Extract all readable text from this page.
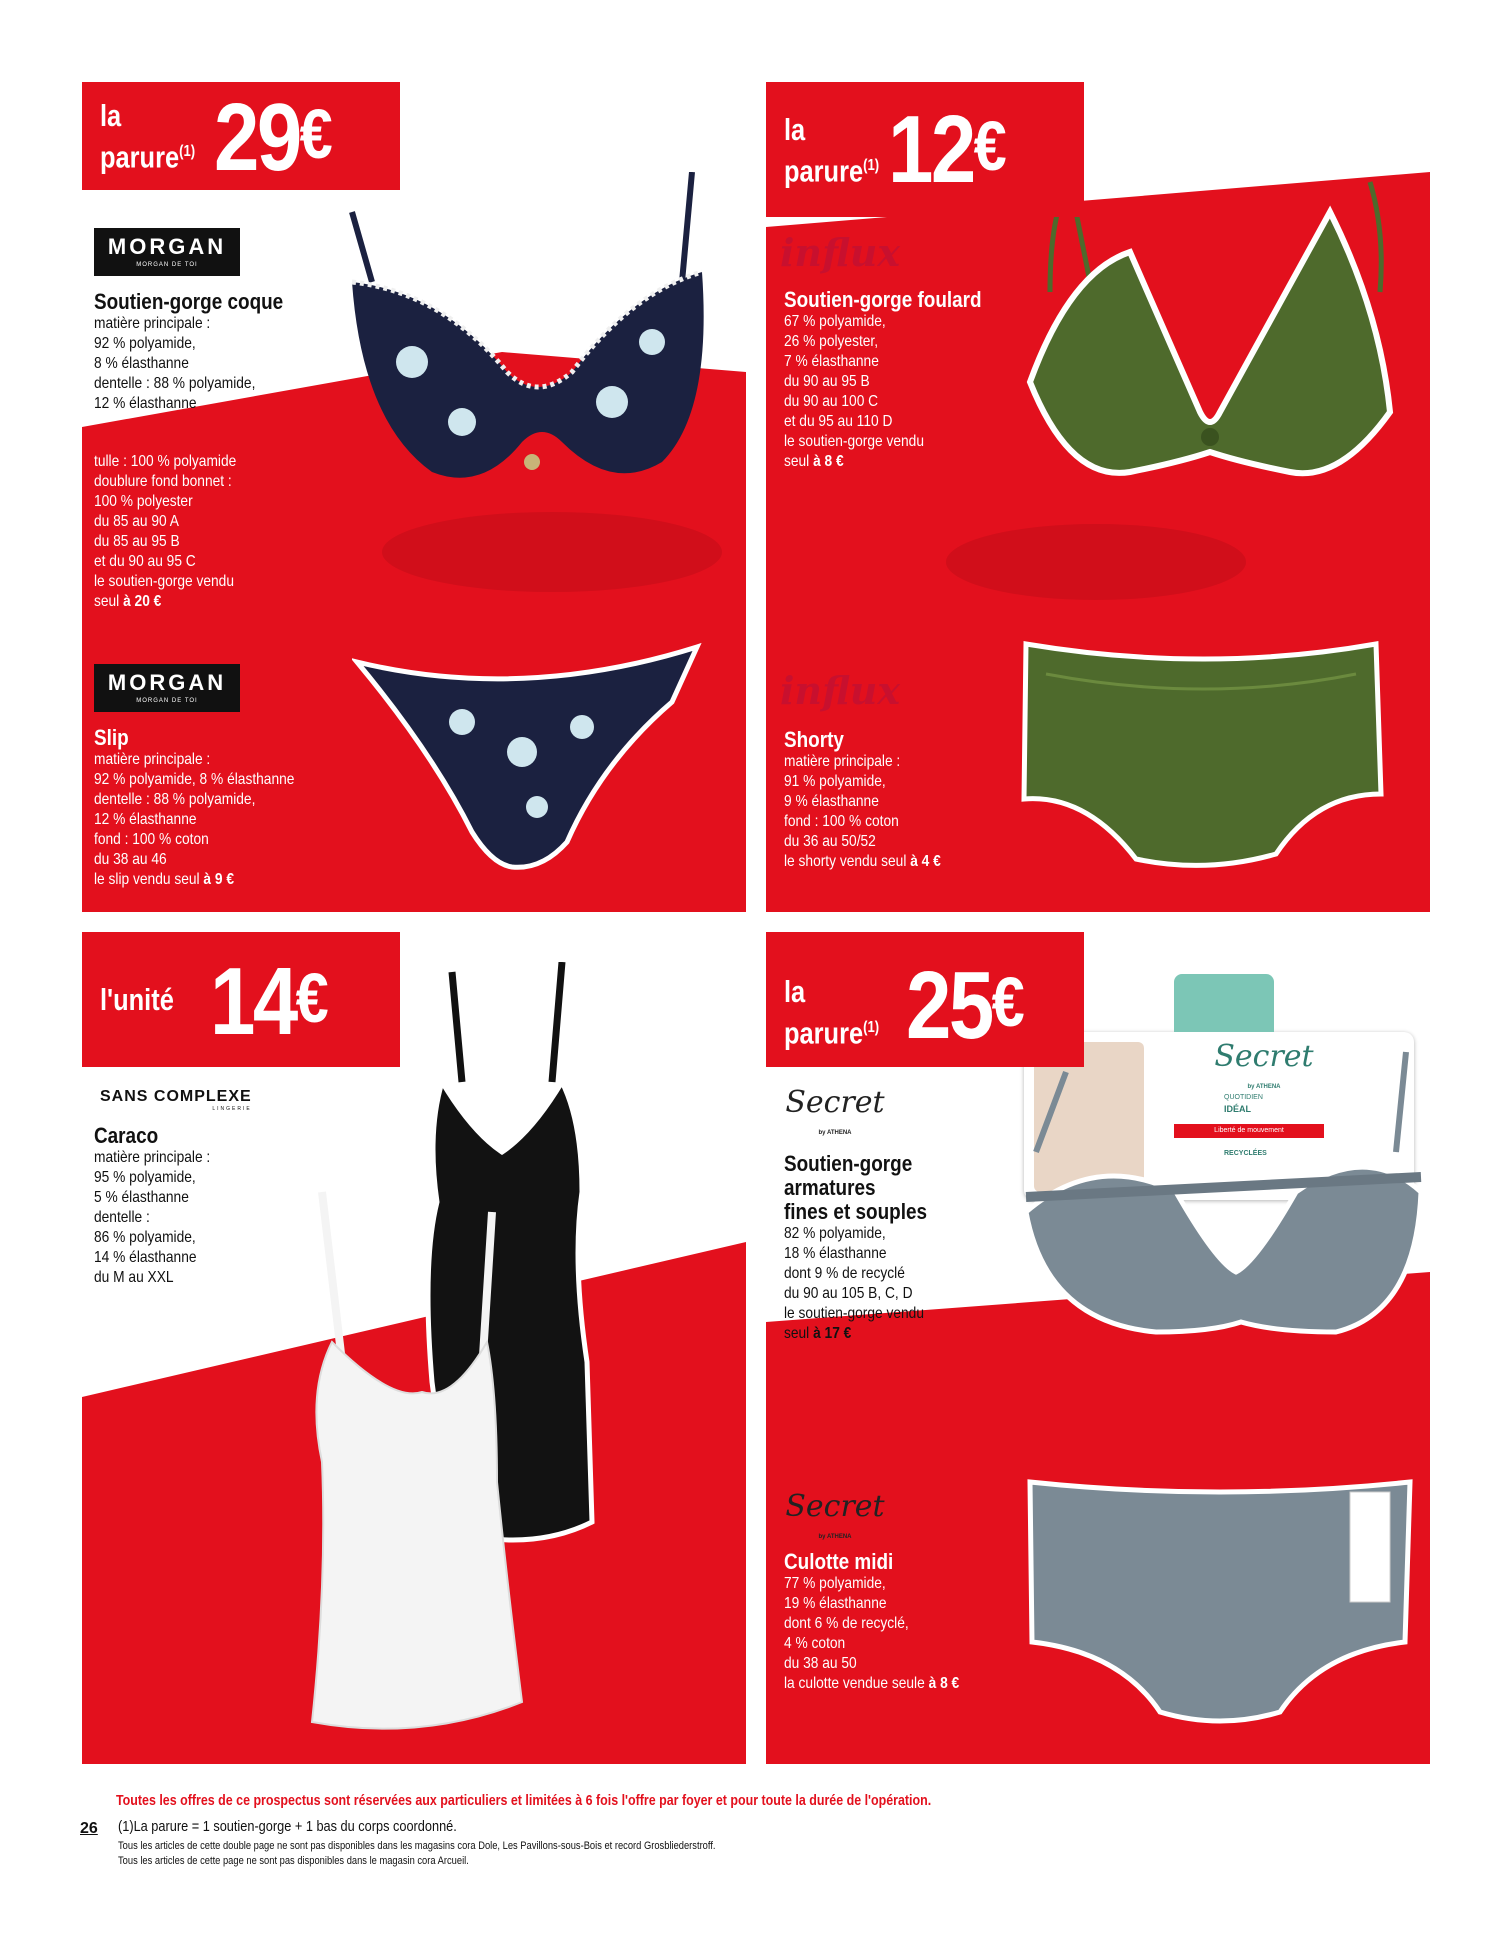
la
parure$^{(1)}$ 29€
MORGAN
MORGAN DE TOI
Soutien-gorge coque
matière principale :
92 % polyamide,
8 % élasthanne
dentelle : 88 % polyamide,
12 % élasthanne
tulle : 100 % polyamide
doublure fond bonnet :
100 % polyester
du 85 au 90 A
du 85 au 95 B
et du 90 au 95 C
le soutien-gorge vendu
seul à 20 €
MORGAN
MORGAN DE TOI
Slip
matière principale :
92 % polyamide, 8 % élasthanne
dentelle : 88 % polyamide,
12 % élasthanne
fond : 100 % coton
du 38 au 46
le slip vendu seul à 9 €
la
parure$^{(1)}$ 12€
influx
Soutien-gorge foulard
67 % polyamide,
26 % polyester,
7 % élasthanne
du 90 au 95 B
du 90 au 100 C
et du 95 au 110 D
le soutien-gorge vendu
seul à 8 €
influx
Shorty
matière principale :
91 % polyamide,
9 % élasthanne
fond : 100 % coton
du 36 au 50/52
le shorty vendu seul à 4 €
l'unité 14€
SANS COMPLEXE
LINGERIE
Caraco
matière principale :
95 % polyamide,
5 % élasthanne
dentelle :
86 % polyamide,
14 % élasthanne
du M au XXL
la
parure$^{(1)}$ 25€
Secret
by ATHENA
Soutien-gorge
armatures
fines et souples
82 % polyamide,
18 % élasthanne
dont 9 % de recyclé
du 90 au 105 B, C, D
le soutien-gorge vendu
seul à 17 €
Secret
by ATHENA
QUOTIDIEN
IDÉAL
Liberté de mouvement
RECYCLÉES
Secret
by ATHENA
Culotte midi
77 % polyamide,
19 % élasthanne
dont 6 % de recyclé,
4 % coton
du 38 au 50
la culotte vendue seule à 8 €
Toutes les offres de ce prospectus sont réservées aux particuliers et limitées à 6 fois l'offre par foyer et pour toute la durée de l'opération.
26 (1)La parure = 1 soutien-gorge + 1 bas du corps coordonné.
Tous les articles de cette double page ne sont pas disponibles dans les magasins cora Dole, Les Pavillons-sous-Bois et record Grosbliederstroff.
Tous les articles de cette page ne sont pas disponibles dans le magasin cora Arcueil.
